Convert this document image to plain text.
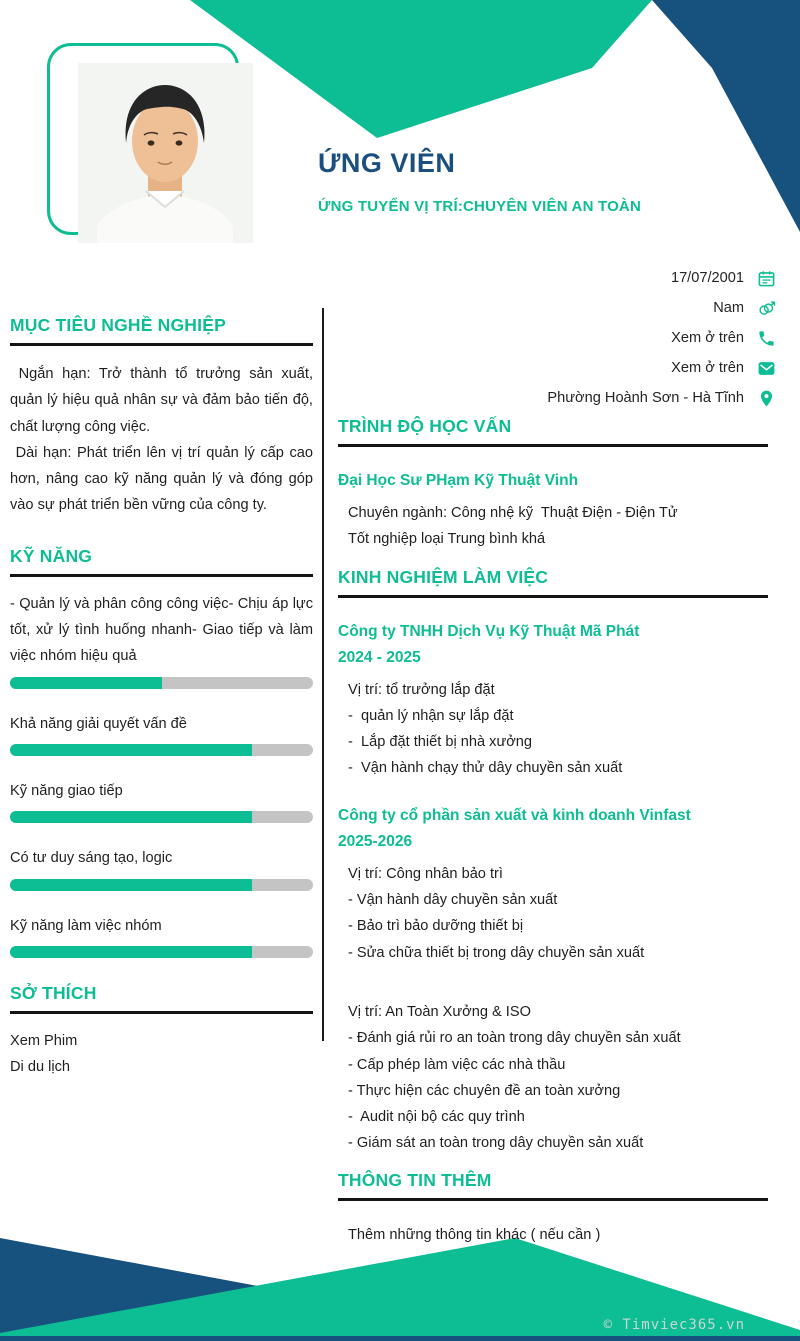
ỨNG VIÊN
ỨNG TUYỂN VỊ TRÍ:CHUYÊN VIÊN AN TOÀN
17/07/2001
Nam
Xem ở trên
Xem ở trên
Phường Hoành Sơn - Hà Tĩnh
MỤC TIÊU NGHỀ NGHIỆP

Ngắn hạn: Trở thành tổ trưởng sản xuất, quản lý hiệu quả nhân sự và đảm bảo tiến độ, chất lượng công việc.

Dài hạn: Phát triển lên vị trí quản lý cấp cao hơn, nâng cao kỹ năng quản lý và đóng góp vào sự phát triển bền vững của công ty.

KỸ NĂNG
- Quản lý và phân công công việc- Chịu áp lực tốt, xử lý tình huống nhanh- Giao tiếp và làm việc nhóm hiệu quả
Khả năng giải quyết vấn đề
Kỹ năng giao tiếp
Có tư duy sáng tạo, logic
Kỹ năng làm việc nhóm
SỞ THÍCH
Xem Phim
Di du lịch
TRÌNH ĐỘ HỌC VẤN
Đại Học Sư PHạm Kỹ Thuật Vinh

Chuyên ngành: Công nhệ kỹ  Thuật Điện - Điện Tử

Tốt nghiệp loại Trung bình khá

KINH NGHIỆM LÀM VIỆC
Công ty TNHH Dịch Vụ Kỹ Thuật Mã Phát
2024 - 2025

Vị trí: tổ trưởng lắp đặt

-  quản lý nhận sự lắp đặt

-  Lắp đặt thiết bị nhà xưởng

-  Vận hành chạy thử dây chuyền sản xuất

Công ty cổ phần sản xuất và kinh doanh Vinfast
2025-2026

Vị trí: Công nhân bảo trì

- Vận hành dây chuyền sản xuất

- Bảo trì bảo dưỡng thiết bị

- Sửa chữa thiết bị trong dây chuyền sản xuất

Vị trí: An Toàn Xưởng & ISO

- Đánh giá rủi ro an toàn trong dây chuyền sản xuất

- Cấp phép làm việc các nhà thầu

- Thực hiện các chuyên đề an toàn xưởng

-  Audit nội bộ các quy trình

- Giám sát an toàn trong dây chuyền sản xuất

THÔNG TIN THÊM
Thêm những thông tin khác ( nếu cần )
© Timviec365.vn
